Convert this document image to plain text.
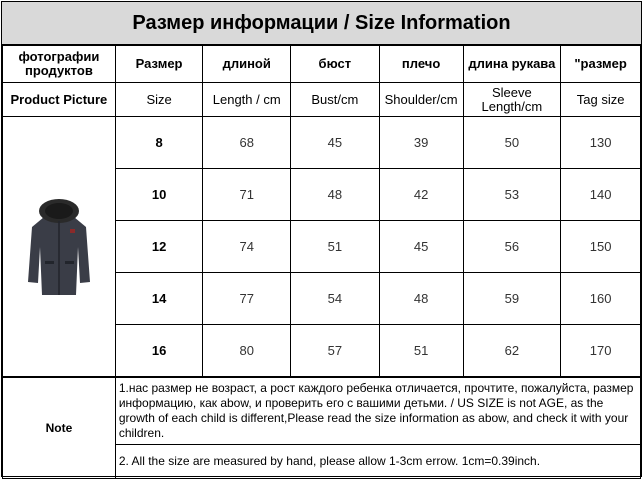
Размер информации / Size Information
фотографии продуктов	Размер	длиной	бюст	плечо	длина рукава	"размер
Product Picture	Size	Length / cm	Bust/cm	Shoulder/cm	Sleeve Length/cm	Tag size

	8	68	45	39	50	130
	10	71	48	42	53	140
	12	74	51	45	56	150
	14	77	54	48	59	160
	16	80	57	51	62	170
Note	1.нас размер не возраст, а рост каждого ребенка отличается, прочтите, пожалуйста, размер информацию, как abow, и проверить его с вашими детьми. / US SIZE is not AGE, as the growth of each child is different,Please read the size information as abow, and check it with your children.
2. All the size are measured by hand, please allow 1-3cm errow. 1cm=0.39inch.
